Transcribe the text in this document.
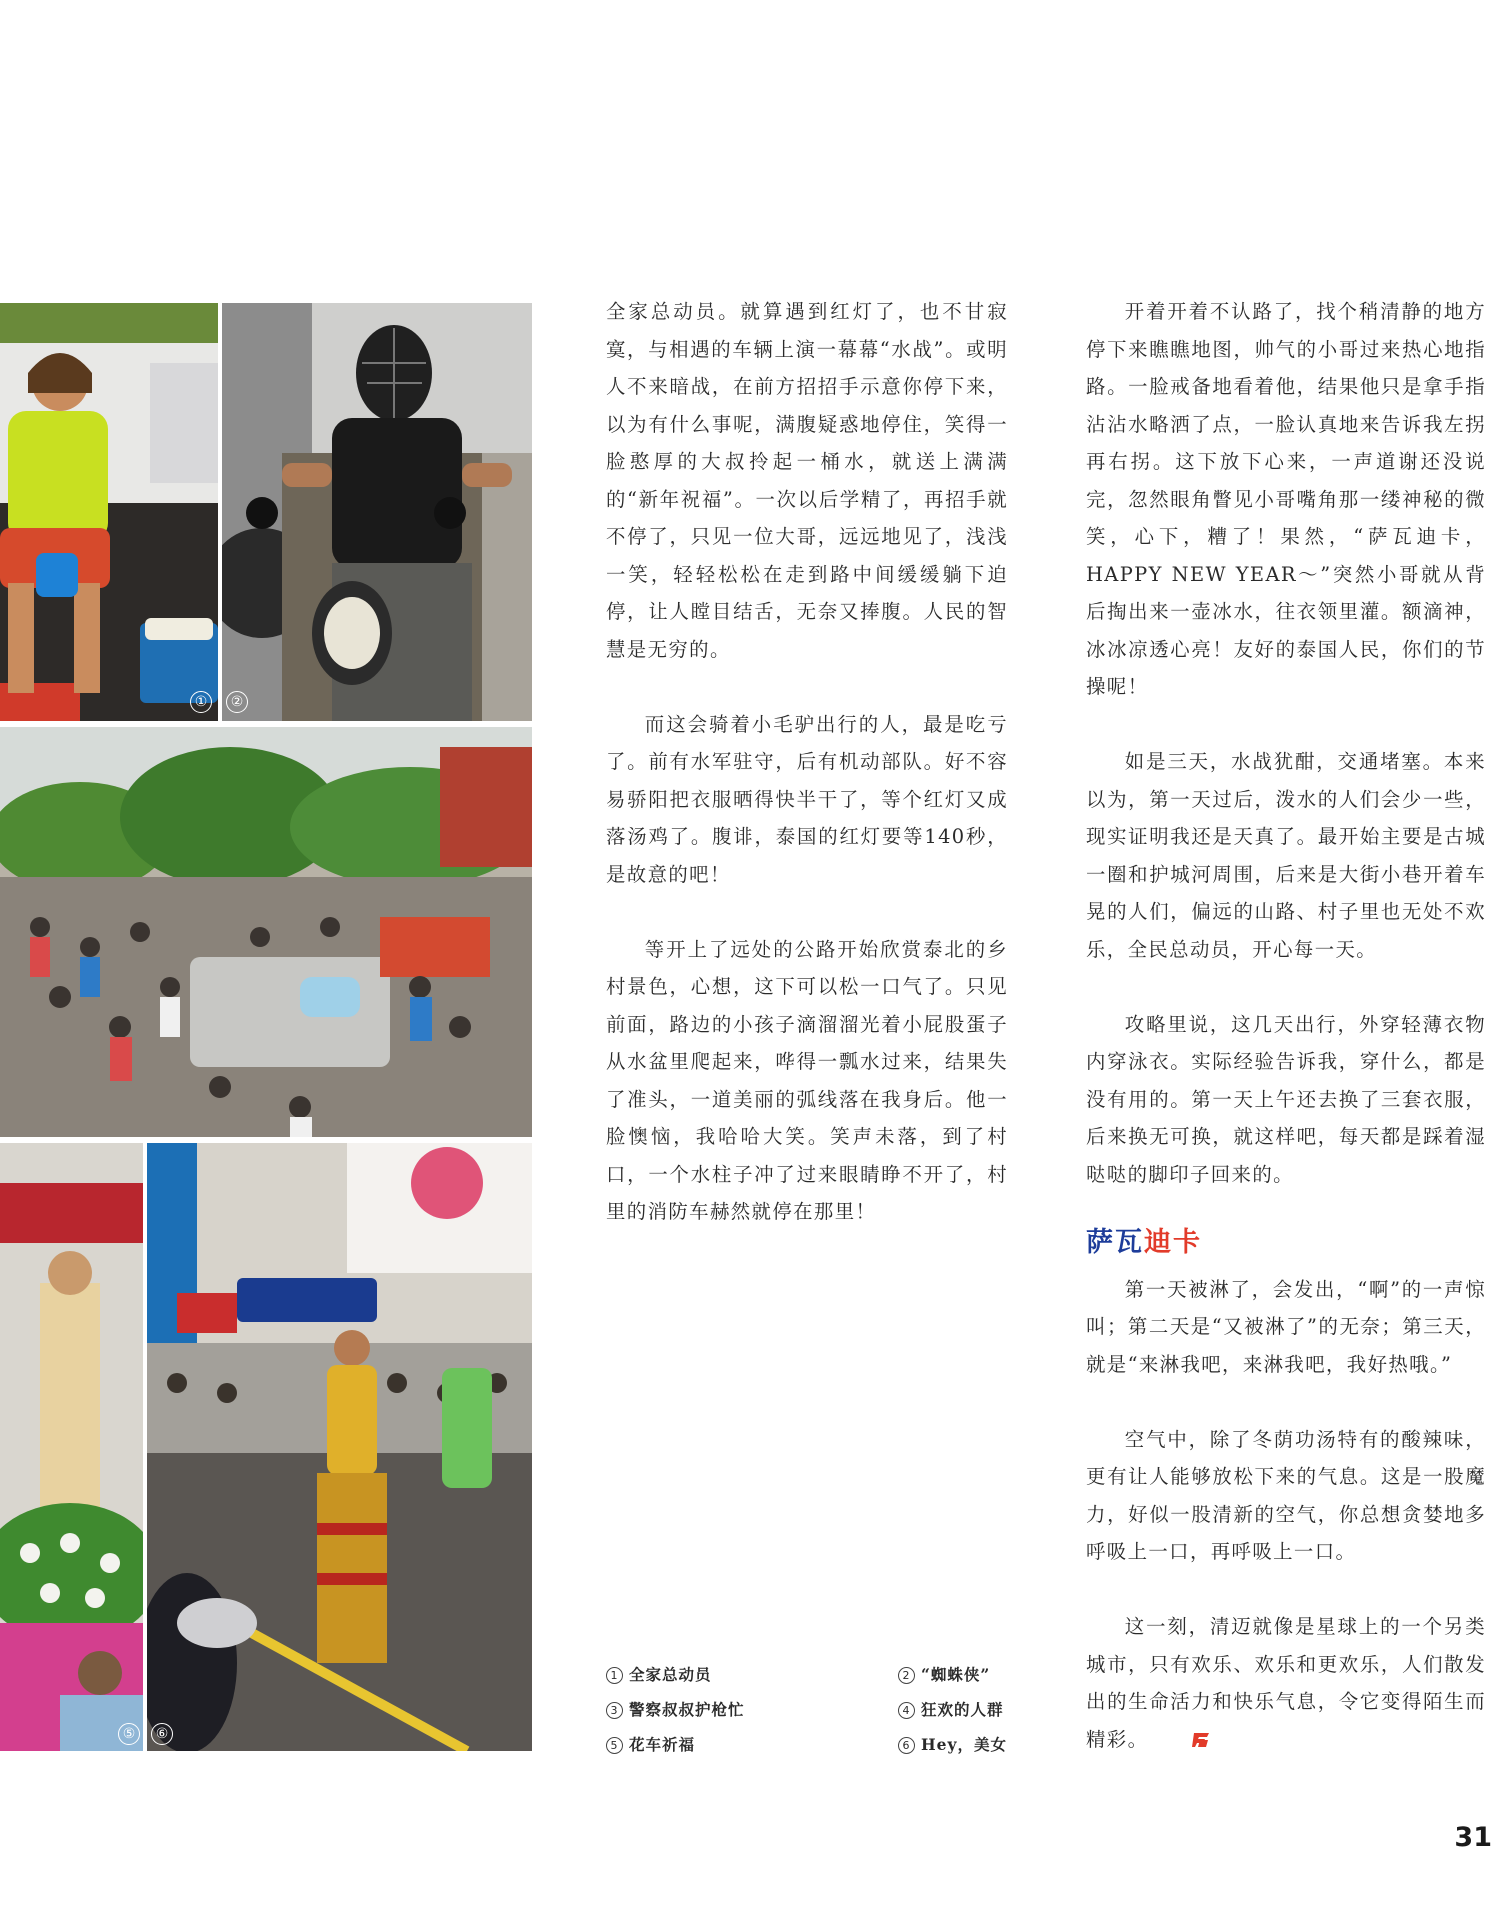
①	②
⑤	⑥

全家总动员。就算遇到红灯了，也不甘寂寞，与相遇的车辆上演一幕幕“水战”。或明人不来暗战，在前方招招手示意你停下来，以为有什么事呢，满腹疑惑地停住，笑得一脸憨厚的大叔拎起一桶水，就送上满满的“新年祝福”。一次以后学精了，再招手就不停了，只见一位大哥，远远地见了，浅浅一笑，轻轻松松在走到路中间缓缓躺下迫停，让人瞠目结舌，无奈又捧腹。人民的智慧是无穷的。

而这会骑着小毛驴出行的人，最是吃亏了。前有水军驻守，后有机动部队。好不容易骄阳把衣服晒得快半干了，等个红灯又成落汤鸡了。腹诽，泰国的红灯要等140秒，是故意的吧！

等开上了远处的公路开始欣赏泰北的乡村景色，心想，这下可以松一口气了。只见前面，路边的小孩子滴溜溜光着小屁股蛋子从水盆里爬起来，哗得一瓢水过来，结果失了准头，一道美丽的弧线落在我身后。他一脸懊恼，我哈哈大笑。笑声未落，到了村口，一个水柱子冲了过来眼睛睁不开了，村里的消防车赫然就停在那里！

1 全家总动员	2 “蜘蛛侠”
3 警察叔叔护枪忙	4 狂欢的人群
5 花车祈福	6 Hey，美女

开着开着不认路了，找个稍清静的地方停下来瞧瞧地图，帅气的小哥过来热心地指路。一脸戒备地看着他，结果他只是拿手指沾沾水略洒了点，一脸认真地来告诉我左拐再右拐。这下放下心来，一声道谢还没说完，忽然眼角瞥见小哥嘴角那一缕神秘的微笑，心下，糟了！果然，“萨瓦迪卡，HAPPY NEW YEAR～”突然小哥就从背后掏出来一壶冰水，往衣领里灌。额滴神，冰冰凉透心亮！友好的泰国人民，你们的节操呢！

如是三天，水战犹酣，交通堵塞。本来以为，第一天过后，泼水的人们会少一些，现实证明我还是天真了。最开始主要是古城一圈和护城河周围，后来是大街小巷开着车晃的人们，偏远的山路、村子里也无处不欢乐，全民总动员，开心每一天。

攻略里说，这几天出行，外穿轻薄衣物内穿泳衣。实际经验告诉我，穿什么，都是没有用的。第一天上午还去换了三套衣服，后来换无可换，就这样吧，每天都是踩着湿哒哒的脚印子回来的。

萨瓦迪卡

第一天被淋了，会发出，“啊”的一声惊叫；第二天是“又被淋了”的无奈；第三天，就是“来淋我吧，来淋我吧，我好热哦。”

空气中，除了冬荫功汤特有的酸辣味，更有让人能够放松下来的气息。这是一股魔力，好似一股清新的空气，你总想贪婪地多呼吸上一口，再呼吸上一口。

这一刻，清迈就像是星球上的一个另类城市，只有欢乐、欢乐和更欢乐，人们散发出的生命活力和快乐气息，令它变得陌生而精彩。

31
